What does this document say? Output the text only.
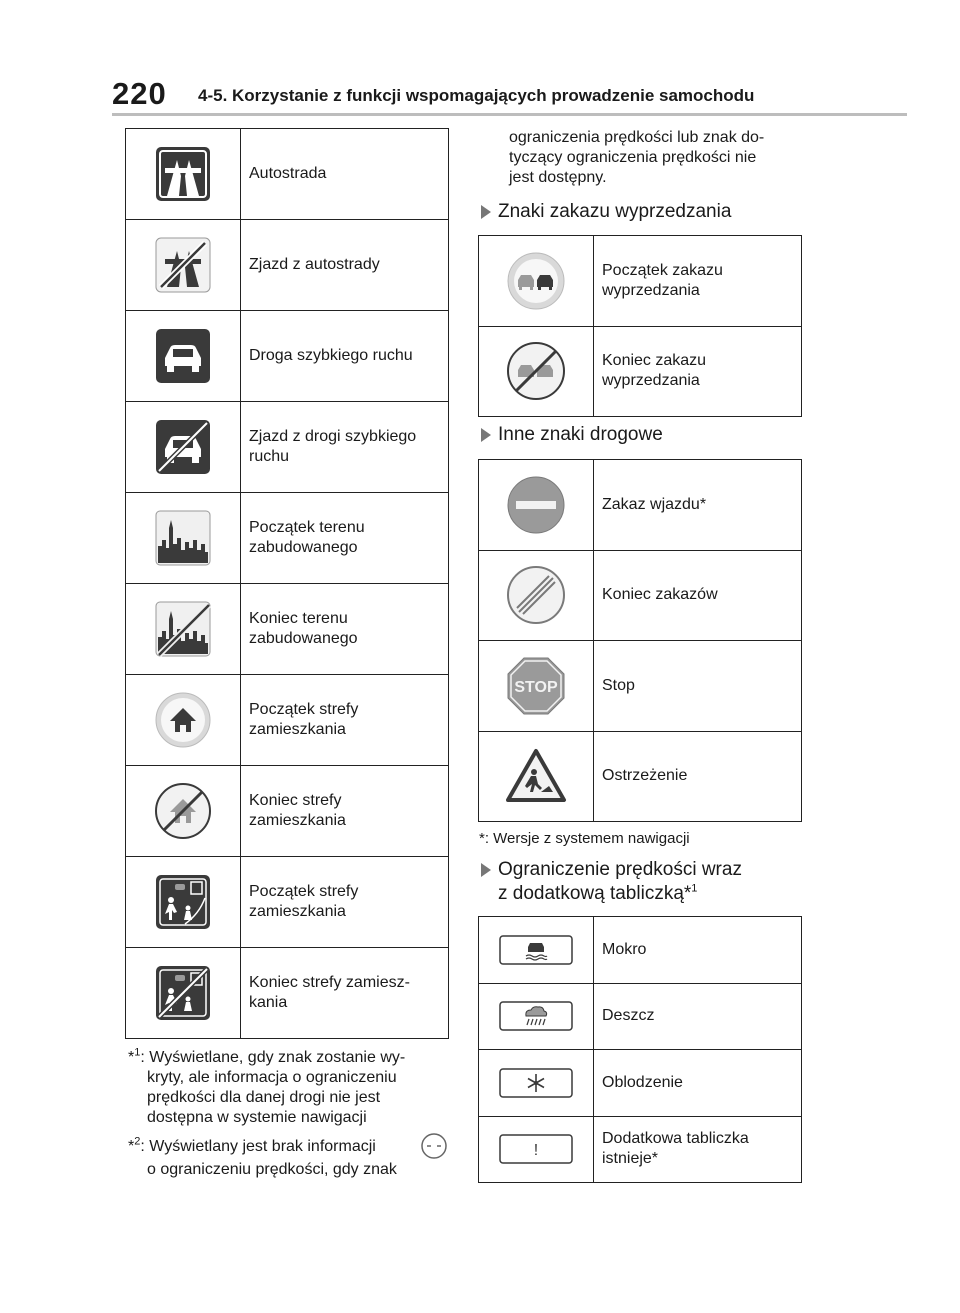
220 4-5. Korzystanie z funkcji wspomagających prowadzenie samochodu
	Autostrada
	Zjazd z autostrady
	Droga szybkiego ruchu
	Zjazd z drogi szybkiego ruchu
	Początek terenu zabudowanego
	Koniec terenu zabudowanego
	Początek strefy zamieszkania
	Koniec strefy zamieszkania
	Początek strefy zamieszkania
	Koniec strefy zamiesz-kania
*$^1$: Wyświetlane, gdy znak zostanie wy-
kryty, ale informacja o ograniczeniu
prędkości dla danej drogi nie jest
dostępna w systemie nawigacji
*$^2$: Wyświetlany jest brak informacji
o ograniczeniu prędkości, gdy znak
ograniczenia prędkości lub znak do-
tyczący ograniczenia prędkości nie
jest dostępny.
Znaki zakazu wyprzedzania
	Początek zakazu wyprzedzania
	Koniec zakazu wyprzedzania
Inne znaki drogowe
	Zakaz wjazdu*
	Koniec zakazów

STOP	Stop
	Ostrzeżenie
*: Wersje z systemem nawigacji
Ograniczenie prędkości wraz
z dodatkową tabliczką*$^1$
	Mokro
	Deszcz
	Oblodzenie

!	Dodatkowa tabliczka istnieje*
